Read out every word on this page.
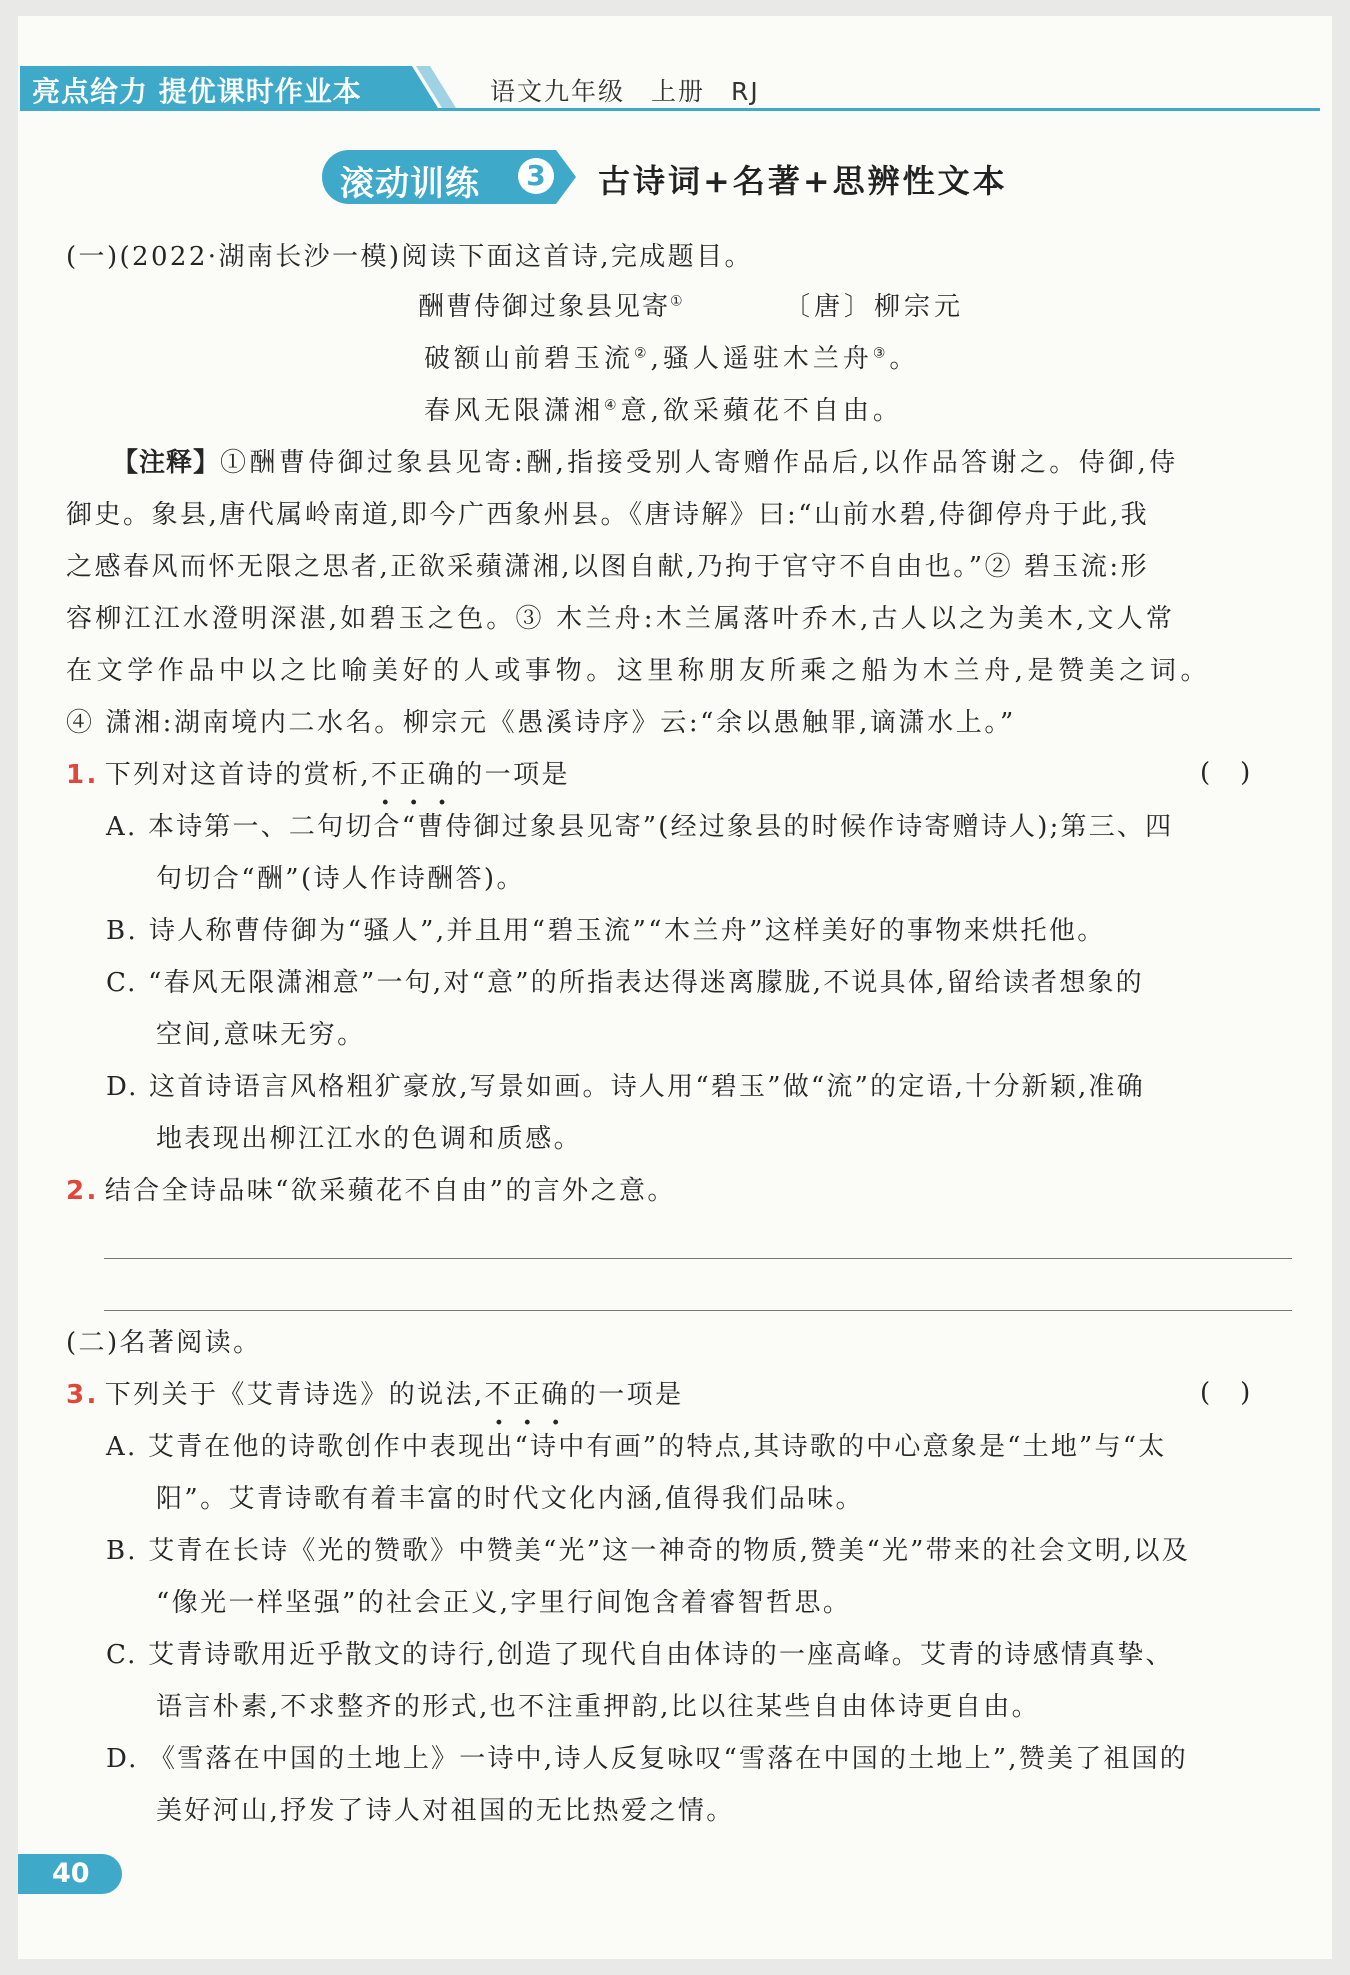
亮点给力 提优课时作业本	语文九年级 上册 RJ
滚动训练 3 古诗词+名著+思辨性文本
(一)(2022·湖南长沙一模)阅读下面这首诗,完成题目。
酬曹侍御过象县见寄①	〔唐〕柳宗元
破额山前碧玉流②,骚人遥驻木兰舟③。
春风无限潇湘④意,欲采蘋花不自由。
【注释】①酬曹侍御过象县见寄:酬,指接受别人寄赠作品后,以作品答谢之。侍御,侍
御史。象县,唐代属岭南道,即今广西象州县。《唐诗解》曰:“山前水碧,侍御停舟于此,我
之感春风而怀无限之思者,正欲采蘋潇湘,以图自献,乃拘于官守不自由也。”② 碧玉流:形
容柳江江水澄明深湛,如碧玉之色。③ 木兰舟:木兰属落叶乔木,古人以之为美木,文人常
在文学作品中以之比喻美好的人或事物。这里称朋友所乘之船为木兰舟,是赞美之词。
④ 潇湘:湖南境内二水名。柳宗元《愚溪诗序》云:“余以愚触罪,谪潇水上。”
1. 下列对这首诗的赏析,不正确的一项是	()
A. 本诗第一、二句切合“曹侍御过象县见寄”(经过象县的时候作诗寄赠诗人);第三、四
句切合“酬”(诗人作诗酬答)。
B. 诗人称曹侍御为“骚人”,并且用“碧玉流”“木兰舟”这样美好的事物来烘托他。
C. “春风无限潇湘意”一句,对“意”的所指表达得迷离朦胧,不说具体,留给读者想象的
空间,意味无穷。
D. 这首诗语言风格粗犷豪放,写景如画。诗人用“碧玉”做“流”的定语,十分新颖,准确
地表现出柳江江水的色调和质感。
2. 结合全诗品味“欲采蘋花不自由”的言外之意。
(二)名著阅读。
3. 下列关于《艾青诗选》的说法,不正确的一项是	()
A. 艾青在他的诗歌创作中表现出“诗中有画”的特点,其诗歌的中心意象是“土地”与“太
阳”。艾青诗歌有着丰富的时代文化内涵,值得我们品味。
B. 艾青在长诗《光的赞歌》中赞美“光”这一神奇的物质,赞美“光”带来的社会文明,以及
“像光一样坚强”的社会正义,字里行间饱含着睿智哲思。
C. 艾青诗歌用近乎散文的诗行,创造了现代自由体诗的一座高峰。艾青的诗感情真挚、
语言朴素,不求整齐的形式,也不注重押韵,比以往某些自由体诗更自由。
D. 《雪落在中国的土地上》一诗中,诗人反复咏叹“雪落在中国的土地上”,赞美了祖国的
美好河山,抒发了诗人对祖国的无比热爱之情。
40
